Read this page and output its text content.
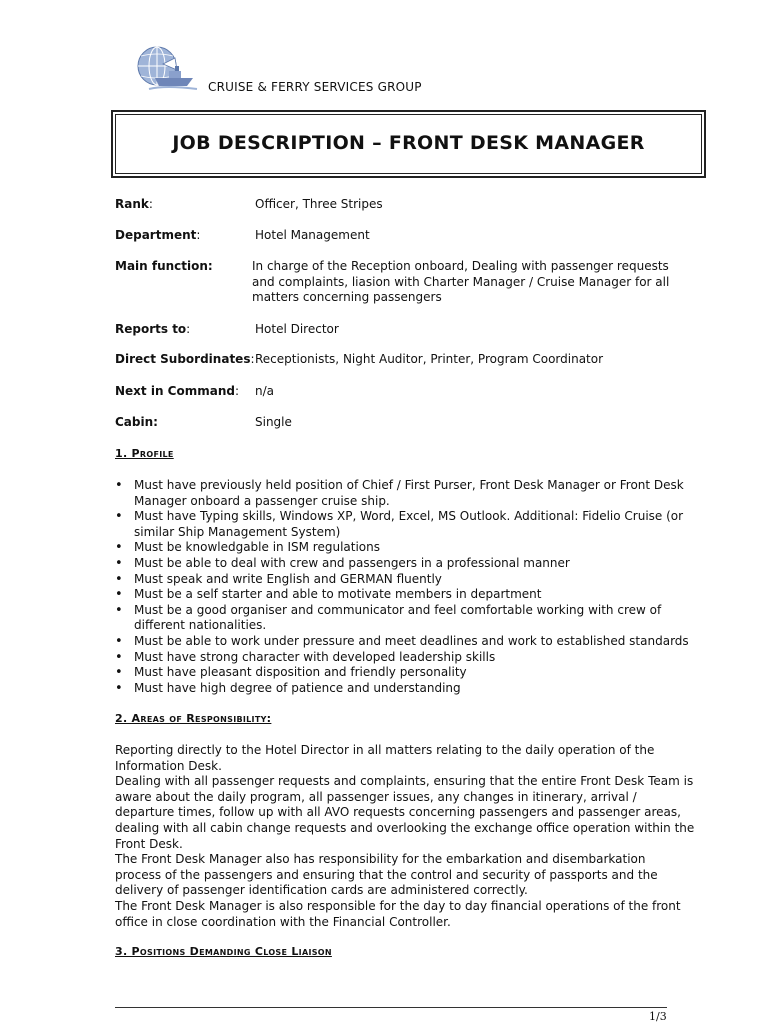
CRUISE & FERRY SERVICES GROUP
JOB DESCRIPTION – FRONT DESK MANAGER
Rank:	Officer, Three Stripes
Department:	Hotel Management
Main function:	In charge of the Reception onboard, Dealing with passenger requests and complaints, liasion with Charter Manager / Cruise Manager for all matters concerning passengers
Reports to:	Hotel Director
Direct Subordinates: Receptionists, Night Auditor, Printer, Program Coordinator
Next in Command: n/a
Cabin:	Single
1. Profile
• Must have previously held position of Chief / First Purser, Front Desk Manager or Front Desk Manager onboard a passenger cruise ship.
• Must have Typing skills, Windows XP, Word, Excel, MS Outlook. Additional: Fidelio Cruise (or similar Ship Management System)
• Must be knowledgable in ISM regulations
• Must be able to deal with crew and passengers in a professional manner
• Must speak and write English and GERMAN fluently
• Must be a self starter and able to motivate members in department
• Must be a good organiser and communicator and feel comfortable working with crew of different nationalities.
• Must be able to work under pressure and meet deadlines and work to established standards
• Must have strong character with developed leadership skills
• Must have pleasant disposition and friendly personality
• Must have high degree of patience and understanding
2. Areas of Responsibility:

Reporting directly to the Hotel Director in all matters relating to the daily operation of the Information Desk.

Dealing with all passenger requests and complaints, ensuring that the entire Front Desk Team is aware about the daily program, all passenger issues, any changes in itinerary, arrival / departure times, follow up with all AVO requests concerning passengers and passenger areas, dealing with all cabin change requests and overlooking the exchange office operation within the Front Desk.

The Front Desk Manager also has responsibility for the embarkation and disembarkation process of the passengers and ensuring that the control and security of passports and the delivery of passenger identification cards are administered correctly.

The Front Desk Manager is also responsible for the day to day financial operations of the front office in close coordination with the Financial Controller.

3. Positions Demanding Close Liaison
1/3
